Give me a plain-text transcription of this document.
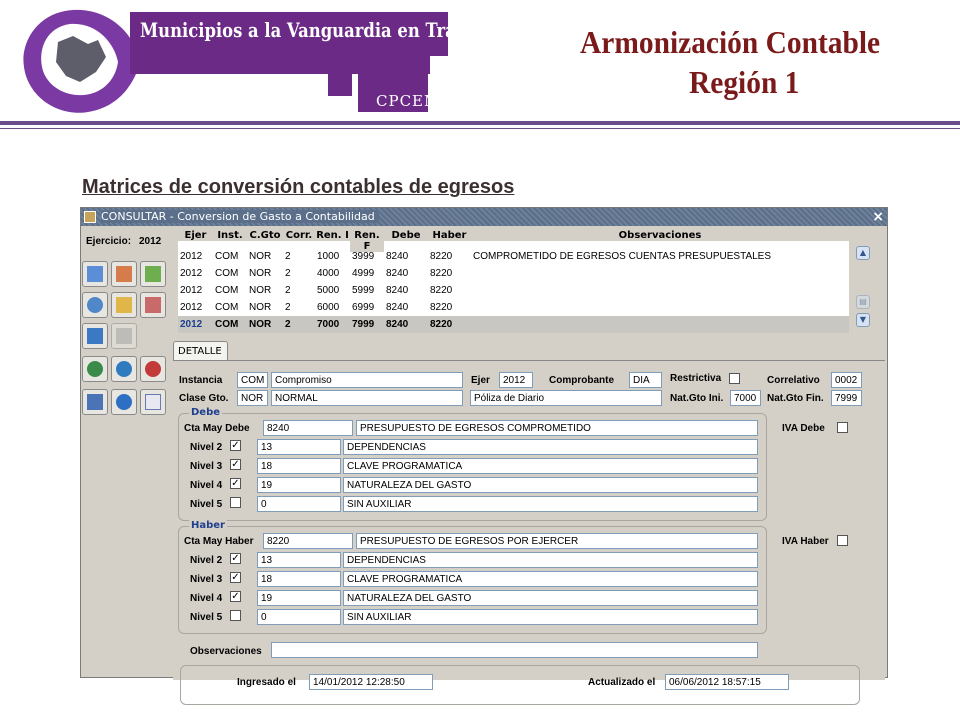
Municipios a la Vanguardia en Transparencia
CPCEM
Armonización Contable
Región 1
Matrices de conversión contables de egresos
CONSULTAR - Conversion de Gasto a Contabilidad	×
Ejercicio: 2012
Ejer	Inst. C.Gto Corr. Ren. I Ren. F
Debe	Haber	Observaciones
2012	COM	NOR	2	1000	3999	8240	8220	COMPROMETIDO DE EGRESOS CUENTAS PRESUPUESTALES
2012	COM	NOR	2	4000	4999	8240	8220
2012	COM	NOR	2	5000	5999	8240	8220
2012	COM	NOR	2	6000	6999	8240	8220
2012	COM	NOR	2	7000	7999	8240	8220
▲
▤
▼
DETALLE
Instancia	COM	Compromiso	Ejer	2012	Comprobante	DIA	Restrictiva	Correlativo	0002
Clase Gto.	NOR	NORMAL	Póliza de Diario	Nat.Gto Ini.	7000	Nat.Gto Fin.	7999
Debe
Cta May Debe	8240	PRESUPUESTO DE EGRESOS COMPROMETIDO	IVA Debe
Nivel 2 ✓	13	DEPENDENCIAS
Nivel 3 ✓	18	CLAVE PROGRAMATICA
Nivel 4 ✓	19	NATURALEZA DEL GASTO
Nivel 5	0	SIN AUXILIAR
Haber
Cta May Haber	8220	PRESUPUESTO DE EGRESOS POR EJERCER	IVA Haber
Nivel 2 ✓	13	DEPENDENCIAS
Nivel 3 ✓	18	CLAVE PROGRAMATICA
Nivel 4 ✓	19	NATURALEZA DEL GASTO
Nivel 5	0	SIN AUXILIAR
Observaciones
Ingresado el	14/01/2012 12:28:50	Actualizado el	06/06/2012 18:57:15
